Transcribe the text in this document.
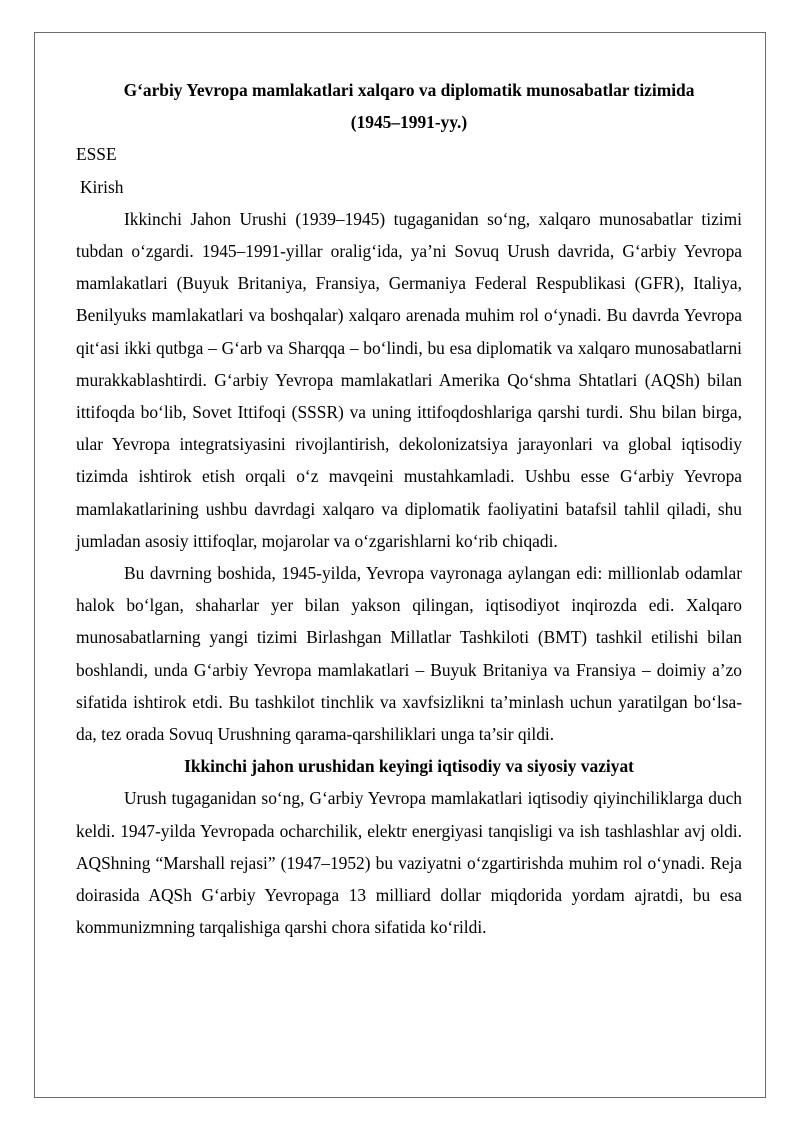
G‘arbiy Yevropa mamlakatlari xalqaro va diplomatik munosabatlar tizimida

(1945–1991-yy.)

ESSE

Kirish

Ikkinchi Jahon Urushi (1939–1945) tugaganidan so‘ng, xalqaro munosabatlar tizimi tubdan o‘zgardi. 1945–1991-yillar oralig‘ida, ya’ni Sovuq Urush davrida, G‘arbiy Yevropa mamlakatlari (Buyuk Britaniya, Fransiya, Germaniya Federal Respublikasi (GFR), Italiya, Benilyuks mamlakatlari va boshqalar) xalqaro arenada muhim rol o‘ynadi. Bu davrda Yevropa qit‘asi ikki qutbga – G‘arb va Sharqqa – bo‘lindi, bu esa diplomatik va xalqaro munosabatlarni murakkablashtirdi. G‘arbiy Yevropa mamlakatlari Amerika Qo‘shma Shtatlari (AQSh) bilan ittifoqda bo‘lib, Sovet Ittifoqi (SSSR) va uning ittifoqdoshlariga qarshi turdi. Shu bilan birga, ular Yevropa integratsiyasini rivojlantirish, dekolonizatsiya jarayonlari va global iqtisodiy tizimda ishtirok etish orqali o‘z mavqeini mustahkamladi. Ushbu esse G‘arbiy Yevropa mamlakatlarining ushbu davrdagi xalqaro va diplomatik faoliyatini batafsil tahlil qiladi, shu jumladan asosiy ittifoqlar, mojarolar va o‘zgarishlarni ko‘rib chiqadi.

Bu davrning boshida, 1945-yilda, Yevropa vayronaga aylangan edi: millionlab odamlar halok bo‘lgan, shaharlar yer bilan yakson qilingan, iqtisodiyot inqirozda edi. Xalqaro munosabatlarning yangi tizimi Birlashgan Millatlar Tashkiloti (BMT) tashkil etilishi bilan boshlandi, unda G‘arbiy Yevropa mamlakatlari – Buyuk Britaniya va Fransiya – doimiy a’zo sifatida ishtirok etdi. Bu tashkilot tinchlik va xavfsizlikni ta’minlash uchun yaratilgan bo‘lsa-da, tez orada Sovuq Urushning qarama-qarshiliklari unga ta’sir qildi.

Ikkinchi jahon urushidan keyingi iqtisodiy va siyosiy vaziyat

Urush tugaganidan so‘ng, G‘arbiy Yevropa mamlakatlari iqtisodiy qiyinchiliklarga duch keldi. 1947-yilda Yevropada ocharchilik, elektr energiyasi tanqisligi va ish tashlashlar avj oldi. AQShning “Marshall rejasi” (1947–1952) bu vaziyatni o‘zgartirishda muhim rol o‘ynadi. Reja doirasida AQSh G‘arbiy Yevropaga 13 milliard dollar miqdorida yordam ajratdi, bu esa kommunizmning tarqalishiga qarshi chora sifatida ko‘rildi.
